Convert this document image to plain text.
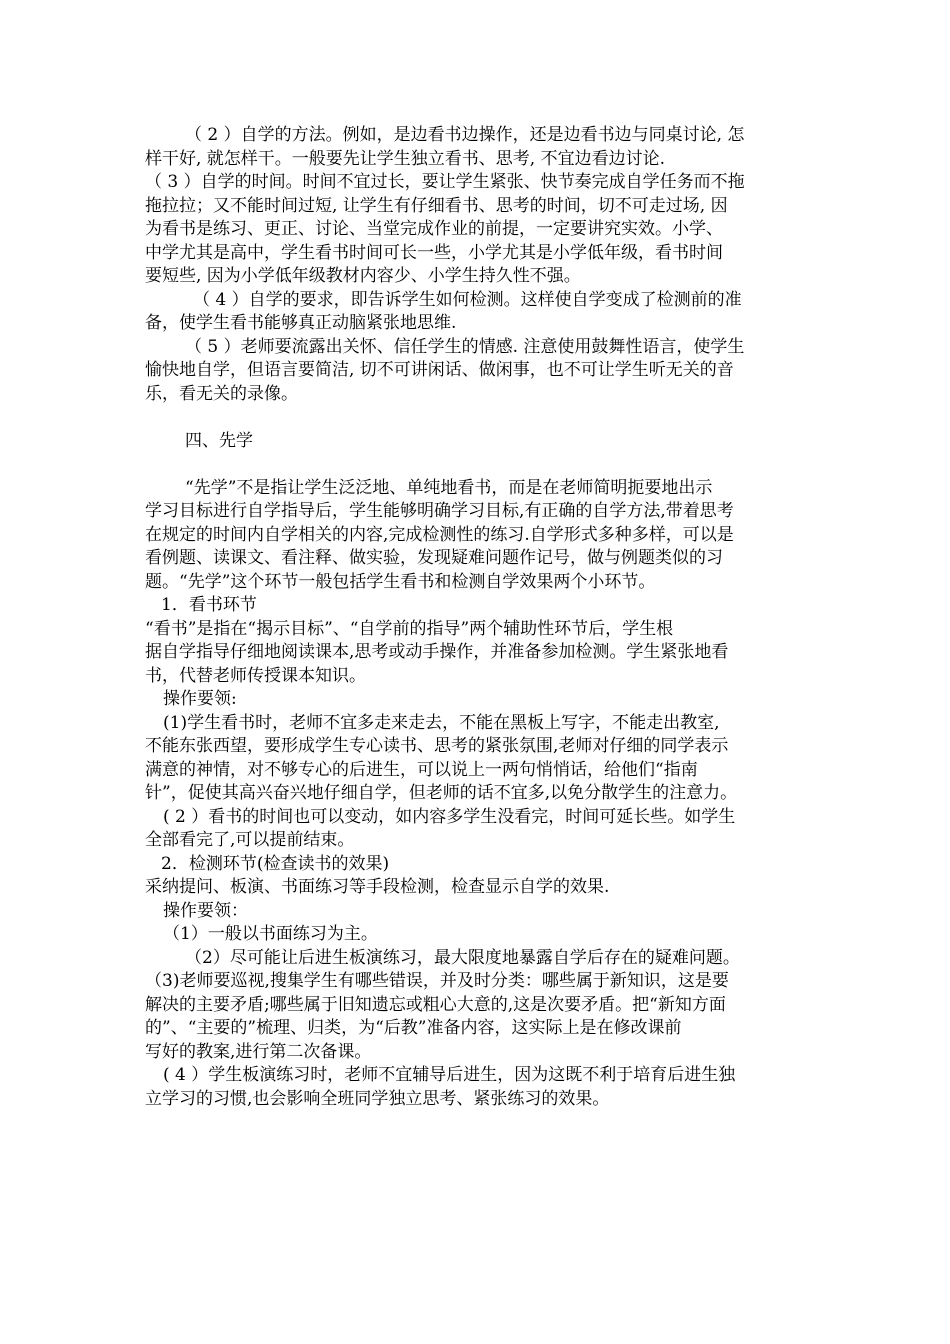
（ 2 ）自学的方法。例如，是边看书边操作，还是边看书边与同桌讨论, 怎
样干好, 就怎样干。一般要先让学生独立看书、思考, 不宜边看边讨论.
（ 3 ）自学的时间。时间不宜过长，要让学生紧张、快节奏完成自学任务而不拖
拖拉拉；又不能时间过短, 让学生有仔细看书、思考的时间，切不可走过场, 因
为看书是练习、更正、讨论、当堂完成作业的前提，一定要讲究实效。小学、
中学尤其是高中，学生看书时间可长一些，小学尤其是小学低年级，看书时间
要短些, 因为小学低年级教材内容少、小学生持久性不强。
（ 4 ）自学的要求，即告诉学生如何检测。这样使自学变成了检测前的准
备，使学生看书能够真正动脑紧张地思维.
（ 5 ）老师要流露出关怀、信任学生的情感. 注意使用鼓舞性语言，使学生
愉快地自学，但语言要简洁, 切不可讲闲话、做闲事，也不可让学生听无关的音
乐，看无关的录像。
四、先学
“先学”不是指让学生泛泛地、单纯地看书，而是在老师简明扼要地出示
学习目标进行自学指导后，学生能够明确学习目标,有正确的自学方法,带着思考
在规定的时间内自学相关的内容,完成检测性的练习.自学形式多种多样，可以是
看例题、读课文、看注释、做实验，发现疑难问题作记号，做与例题类似的习
题。“先学”这个环节一般包括学生看书和检测自学效果两个小环节。
1．看书环节
“看书”是指在“揭示目标”、“自学前的指导”两个辅助性环节后，学生根
据自学指导仔细地阅读课本,思考或动手操作，并准备参加检测。学生紧张地看
书，代替老师传授课本知识。
操作要领:
(1)学生看书时，老师不宜多走来走去，不能在黑板上写字，不能走出教室,
不能东张西望，要形成学生专心读书、思考的紧张氛围,老师对仔细的同学表示
满意的神情，对不够专心的后进生，可以说上一两句悄悄话，给他们“指南
针”，促使其高兴奋兴地仔细自学，但老师的话不宜多,以免分散学生的注意力。
( 2 ）看书的时间也可以变动，如内容多学生没看完，时间可延长些。如学生
全部看完了,可以提前结束。
2．检测环节(检查读书的效果)
采纳提问、板演、书面练习等手段检测，检查显示自学的效果.
操作要领：
（1）一般以书面练习为主。
（2）尽可能让后进生板演练习，最大限度地暴露自学后存在的疑难问题。
（3)老师要巡视,搜集学生有哪些错误，并及时分类：哪些属于新知识，这是要
解决的主要矛盾;哪些属于旧知遗忘或粗心大意的,这是次要矛盾。把“新知方面
的”、“主要的”梳理、归类，为“后教”准备内容，这实际上是在修改课前
写好的教案,进行第二次备课。
( 4 ）学生板演练习时，老师不宜辅导后进生，因为这既不利于培育后进生独
立学习的习惯,也会影响全班同学独立思考、紧张练习的效果。
